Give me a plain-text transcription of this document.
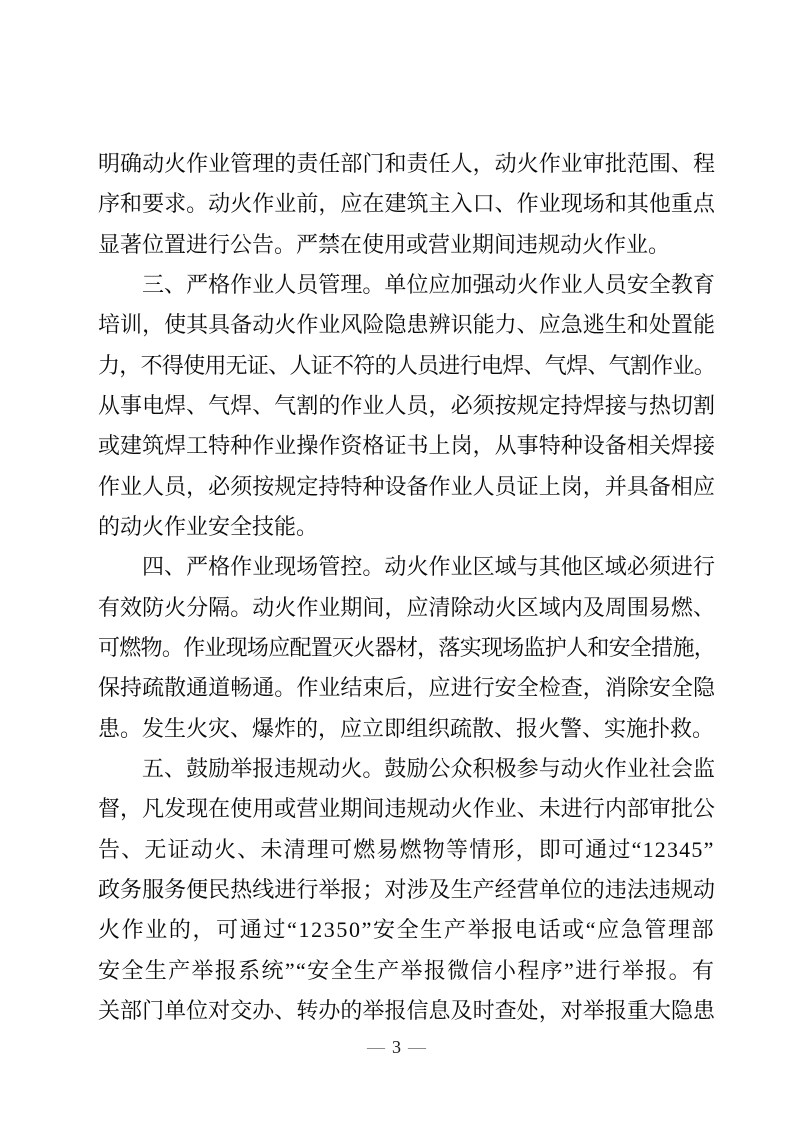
明确动火作业管理的责任部门和责任人，动火作业审批范围、程
序和要求。动火作业前，应在建筑主入口、作业现场和其他重点
显著位置进行公告。严禁在使用或营业期间违规动火作业。
三、严格作业人员管理。单位应加强动火作业人员安全教育
培训，使其具备动火作业风险隐患辨识能力、应急逃生和处置能
力，不得使用无证、人证不符的人员进行电焊、气焊、气割作业。
从事电焊、气焊、气割的作业人员，必须按规定持焊接与热切割
或建筑焊工特种作业操作资格证书上岗，从事特种设备相关焊接
作业人员，必须按规定持特种设备作业人员证上岗，并具备相应
的动火作业安全技能。
四、严格作业现场管控。动火作业区域与其他区域必须进行
有效防火分隔。动火作业期间，应清除动火区域内及周围易燃、
可燃物。作业现场应配置灭火器材，落实现场监护人和安全措施，
保持疏散通道畅通。作业结束后，应进行安全检查，消除安全隐
患。发生火灾、爆炸的，应立即组织疏散、报火警、实施扑救。
五、鼓励举报违规动火。鼓励公众积极参与动火作业社会监
督，凡发现在使用或营业期间违规动火作业、未进行内部审批公
告、无证动火、未清理可燃易燃物等情形，即可通过“12345”
政务服务便民热线进行举报；对涉及生产经营单位的违法违规动
火作业的，可通过“12350”安全生产举报电话或“应急管理部
安全生产举报系统”“安全生产举报微信小程序”进行举报。有
关部门单位对交办、转办的举报信息及时查处，对举报重大隐患
— 3 —
